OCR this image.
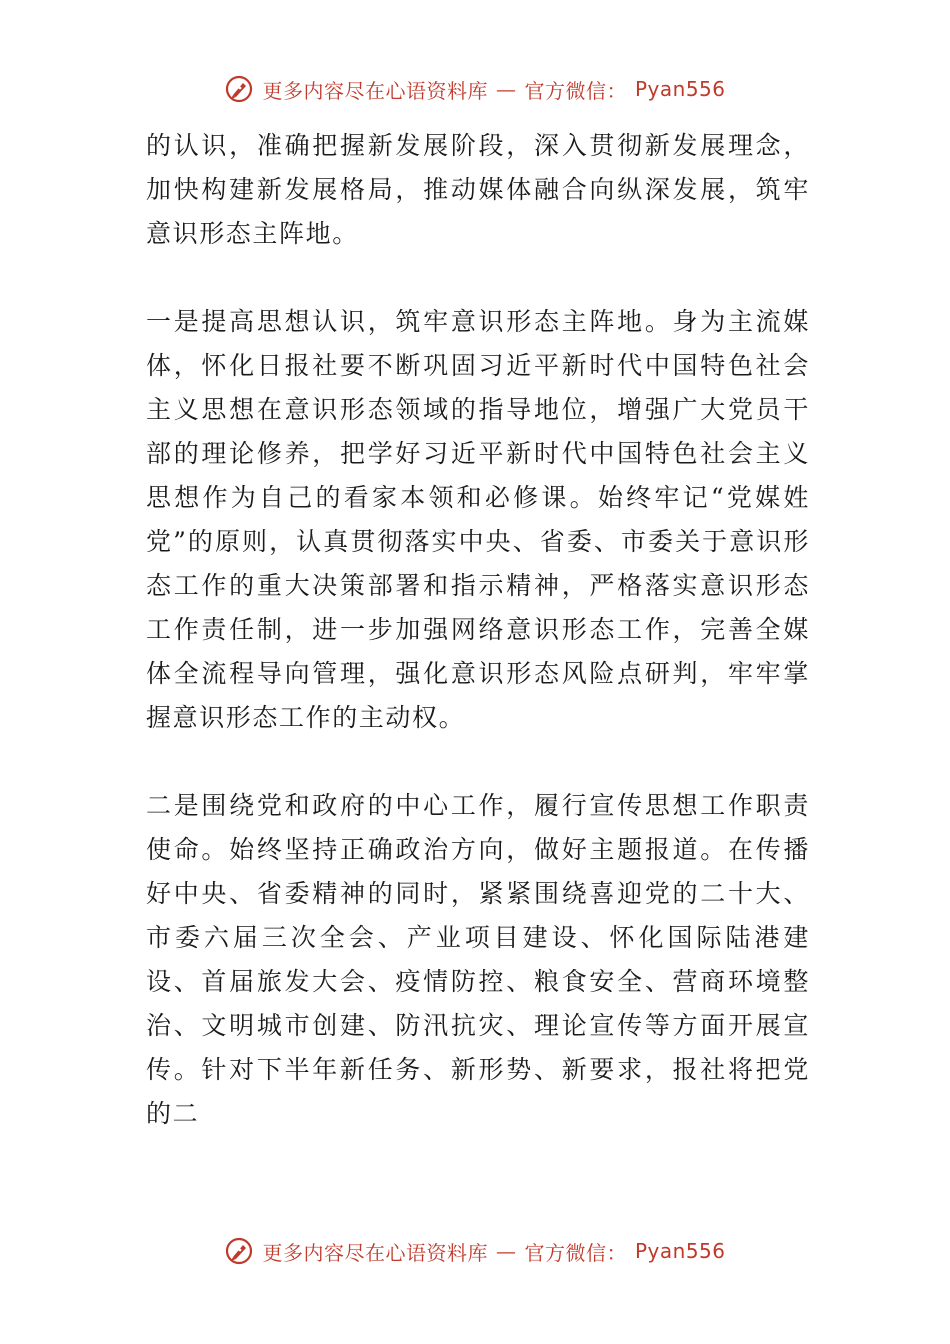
更多内容尽在心语资料库 — 官方微信： Pyan556

的认识，准确把握新发展阶段，深入贯彻新发展理念，加快构建新发展格局，推动媒体融合向纵深发展，筑牢意识形态主阵地。

一是提高思想认识，筑牢意识形态主阵地。身为主流媒体，怀化日报社要不断巩固习近平新时代中国特色社会主义思想在意识形态领域的指导地位，增强广大党员干部的理论修养，把学好习近平新时代中国特色社会主义思想作为自己的看家本领和必修课。始终牢记“党媒姓党”的原则，认真贯彻落实中央、省委、市委关于意识形态工作的重大决策部署和指示精神，严格落实意识形态工作责任制，进一步加强网络意识形态工作，完善全媒体全流程导向管理，强化意识形态风险点研判，牢牢掌握意识形态工作的主动权。

二是围绕党和政府的中心工作，履行宣传思想工作职责使命。始终坚持正确政治方向，做好主题报道。在传播好中央、省委精神的同时，紧紧围绕喜迎党的二十大、市委六届三次全会、产业项目建设、怀化国际陆港建设、首届旅发大会、疫情防控、粮食安全、营商环境整治、文明城市创建、防汛抗灾、理论宣传等方面开展宣传。针对下半年新任务、新形势、新要求，报社将把党的二

更多内容尽在心语资料库 — 官方微信： Pyan556
